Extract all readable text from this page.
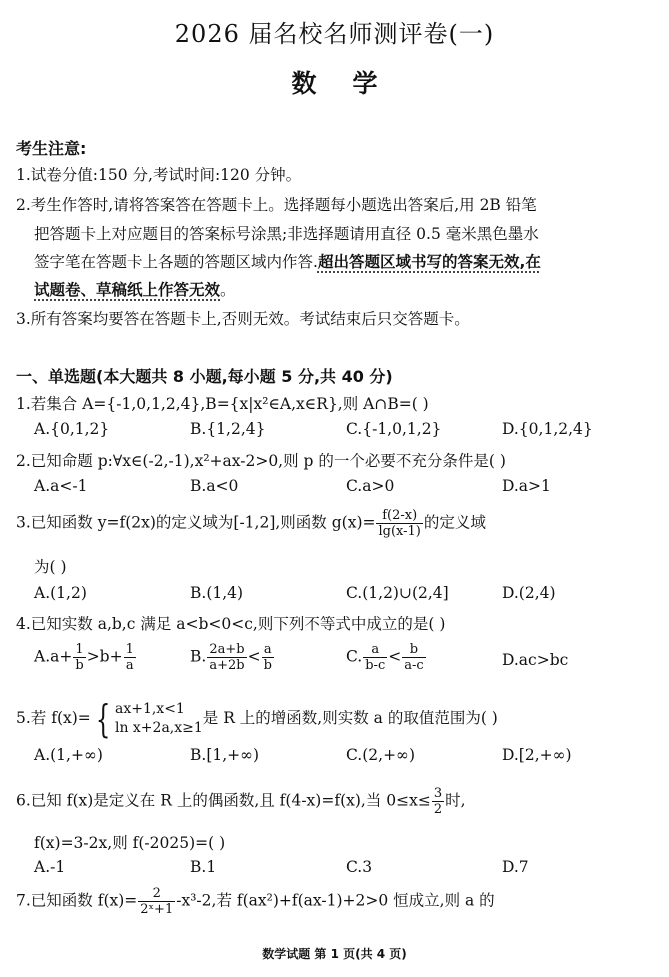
2026 届名校名师测评卷(一)
数学
考生注意:
1.试卷分值:150 分,考试时间:120 分钟。
2.考生作答时,请将答案答在答题卡上。选择题每小题选出答案后,用 2B 铅笔
把答题卡上对应题目的答案标号涂黑;非选择题请用直径 0.5 毫米黑色墨水
签字笔在答题卡上各题的答题区域内作答.超出答题区域书写的答案无效,在
试题卷、草稿纸上作答无效。
3.所有答案均要答在答题卡上,否则无效。考试结束后只交答题卡。
一、单选题(本大题共 8 小题,每小题 5 分,共 40 分)
1.若集合 A={-1,0,1,2,4},B={x|x²∈A,x∈R},则 A∩B=( )
A.{0,1,2}	B.{1,2,4}	C.{-1,0,1,2}	D.{0,1,2,4}
2.已知命题 p:∀x∈(-2,-1),x²+ax-2>0,则 p 的一个必要不充分条件是( )
A.a<-1	B.a<0	C.a>0	D.a>1
3.已知函数 y=f(2x)的定义域为[-1,2],则函数 $g(x)= \frac{f(2-x)}{\lg(x-1)}$ 的定义域
为( )
A.(1,2)	B.(1,4)	C.(1,2)∪(2,4]	D.(2,4)
4.已知实数 a,b,c 满足 a<b<0<c,则下列不等式中成立的是( )
$A.a+ \frac{1}{b} >b+ \frac{1}{a}$	B. $\frac{2a+b}{a+2b} < \frac{a}{b}$	C. $\frac{a}{b-c} < \frac{b}{a-c}$	D.ac>bc
5.若 f(x)= { ax+1,x<1
ln x+2a,x≥1
是 R 上的增函数,则实数 a 的取值范围为( )
A.(1,+∞)	B.[1,+∞)	C.(2,+∞)	D.[2,+∞)
6.已知 f(x)是定义在 R 上的偶函数,且 f(4-x)=f(x),当 $0\le x\le \frac{3}{2}$ 时,
f(x)=3-2x,则 f(-2025)=( )
A.-1	B.1	C.3	D.7
7.已知函数 $f(x)= \frac{2}{\text{2ˣ+1}} -x^3-2$,若 f(ax²)+f(ax-1)+2>0 恒成立,则 a 的
数学试题 第 1 页(共 4 页)
